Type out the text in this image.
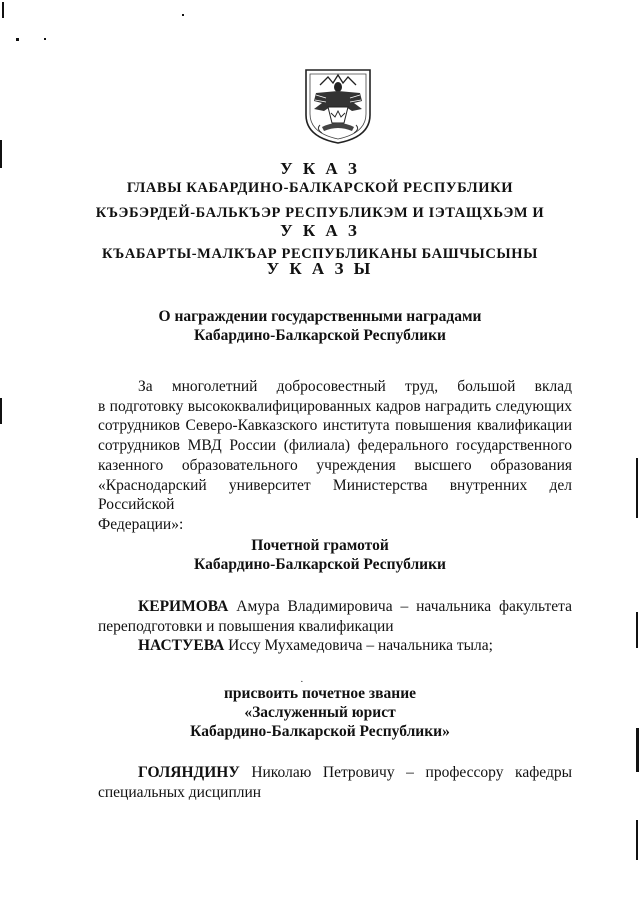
У К А З
ГЛАВЫ КАБАРДИНО-БАЛКАРСКОЙ РЕСПУБЛИКИ
КЪЭБЭРДЕЙ-БАЛЬКЪЭР РЕСПУБЛИКЭМ И ІЭТАЩХЬЭМ И
У К А З
КЪАБАРТЫ-МАЛКЪАР РЕСПУБЛИКАНЫ БАШЧЫСЫНЫ
У К А З Ы
О награждении государственными наградами
Кабардино-Балкарской Республики
За многолетний добросовестный труд, большой вклад
в подготовку высококвалифицированных кадров наградить следующих
сотрудников Северо-Кавказского института повышения квалификации
сотрудников МВД России (филиала) федерального государственного
казенного образовательного учреждения высшего образования
«Краснодарский университет Министерства внутренних дел Российской
Федерации»:
Почетной грамотой
Кабардино-Балкарской Республики
КЕРИМОВА Амура Владимировича – начальника факультета
переподготовки и повышения квалификации
НАСТУЕВА Иссу Мухамедовича – начальника тыла;
·
присвоить почетное звание
«Заслуженный юрист
Кабардино-Балкарской Республики»
ГОЛЯНДИНУ Николаю Петровичу – профессору кафедры
специальных дисциплин
